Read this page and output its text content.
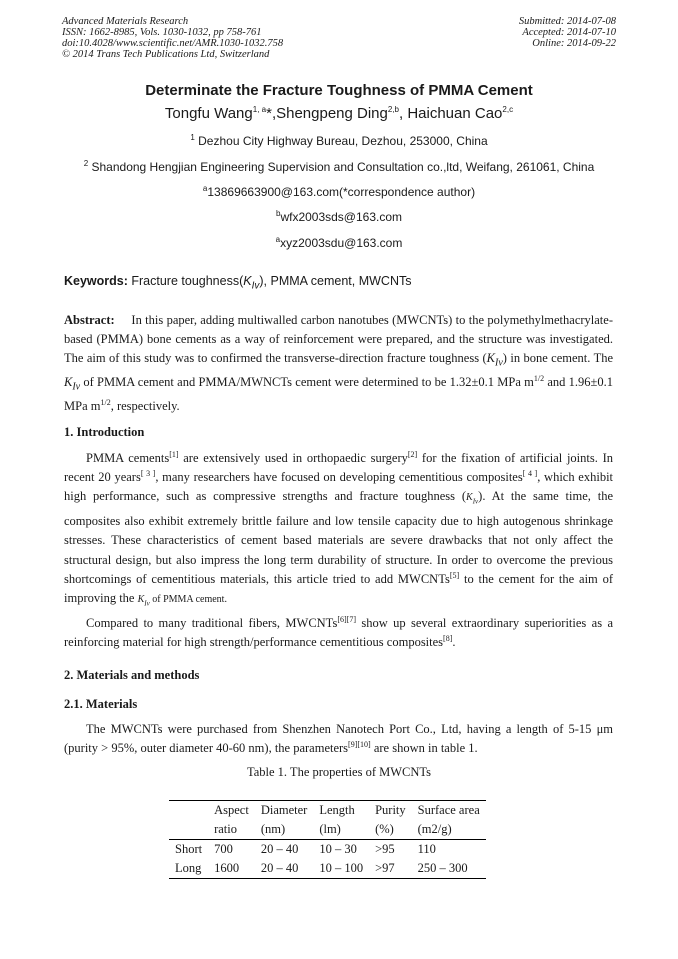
Advanced Materials Research
ISSN: 1662-8985, Vols. 1030-1032, pp 758-761
doi:10.4028/www.scientific.net/AMR.1030-1032.758
© 2014 Trans Tech Publications Ltd, Switzerland
Submitted: 2014-07-08
Accepted: 2014-07-10
Online: 2014-09-22
Determinate the Fracture Toughness of PMMA Cement
Tongfu Wang$^{1, a}$*,Shengpeng Ding$^{2,b}$, Haichuan Cao$^{2,c}$
$^1$ Dezhou City Highway Bureau, Dezhou, 253000, China
$^2$ Shandong Hengjian Engineering Supervision and Consultation co.,ltd, Weifang, 261061, China
$^a$13869663900@163.com(*correspondence author)
$^b$wfx2003sds@163.com
$^a$xyz2003sdu@163.com
Keywords: Fracture $toughness(K_{Iv})$, PMMA cement, MWCNTs
Abstract: In this paper, adding multiwalled carbon nanotubes (MWCNTs) to the polymethylmethacrylate-based (PMMA) bone cements as a way of reinforcement were prepared, and the structure was investigated. The aim of this study was to confirmed the transverse-direction fracture toughness $(K_{Iv})$ in bone cement. The $K_{Iv}$ of PMMA cement and PMMA/MWNCTs cement were determined to be 1.32±0.1 MPa $m^{1/2}$ and 1.96±0.1 MPa $m^{1/2}$, respectively.
1. Introduction
PMMA cements[1] are extensively used in orthopaedic surgery[2] for the fixation of artificial joints. In recent 20 years[ 3 ], many researchers have focused on developing cementitious composites[ 4 ], which exhibit high performance, such as compressive strengths and fracture toughness $(K_{Iv})$. At the same time, the composites also exhibit extremely brittle failure and low tensile capacity due to high autogenous shrinkage stresses. These characteristics of cement based materials are severe drawbacks that not only affect the structural design, but also impress the long term durability of structure. In order to overcome the previous shortcomings of cementitious materials, this article tried to add MWCNTs[5] to the cement for the aim of improving the $K_{Iv}$ of PMMA cement.
Compared to many traditional fibers, MWCNTs[6][7] show up several extraordinary superiorities as a reinforcing material for high strength/performance cementitious composites[8].
2. Materials and methods
2.1. Materials
The MWCNTs were purchased from Shenzhen Nanotech Port Co., Ltd, having a length of 5-15 μm (purity > 95%, outer diameter 40-60 nm), the parameters[9][10] are shown in table 1.
Table 1. The properties of MWCNTs
	Aspect	Diameter	Length	Purity	Surface area
	ratio	(nm)	(lm)	(%)	(m2/g)
Short	700	20 – 40	10 – 30	>95	110
Long	1600	20 – 40	10 – 100	>97	250 – 300
